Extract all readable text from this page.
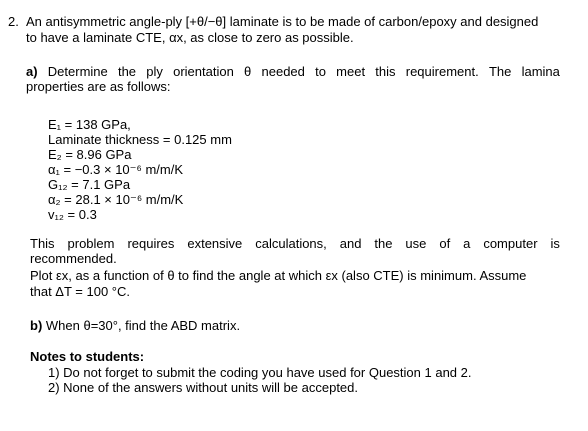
2. An antisymmetric angle-ply [+θ/−θ] laminate is to be made of carbon/epoxy and designed
to have a laminate CTE, αx, as close to zero as possible.
a) Determine the ply orientation θ needed to meet this requirement. The lamina
properties are as follows:
E₁ = 138 GPa,
Laminate thickness = 0.125 mm
E₂ = 8.96 GPa
α₁ = −0.3 × 10⁻⁶ m/m/K
G₁₂ = 7.1 GPa
α₂ = 28.1 × 10⁻⁶ m/m/K
v₁₂ = 0.3
This problem requires extensive calculations, and the use of a computer is
recommended.
Plot εx, as a function of θ to find the angle at which εx (also CTE) is minimum. Assume
that ΔT = 100 °C.
b) When θ=30°, find the ABD matrix.
Notes to students:
1) Do not forget to submit the coding you have used for Question 1 and 2.
2) None of the answers without units will be accepted.
